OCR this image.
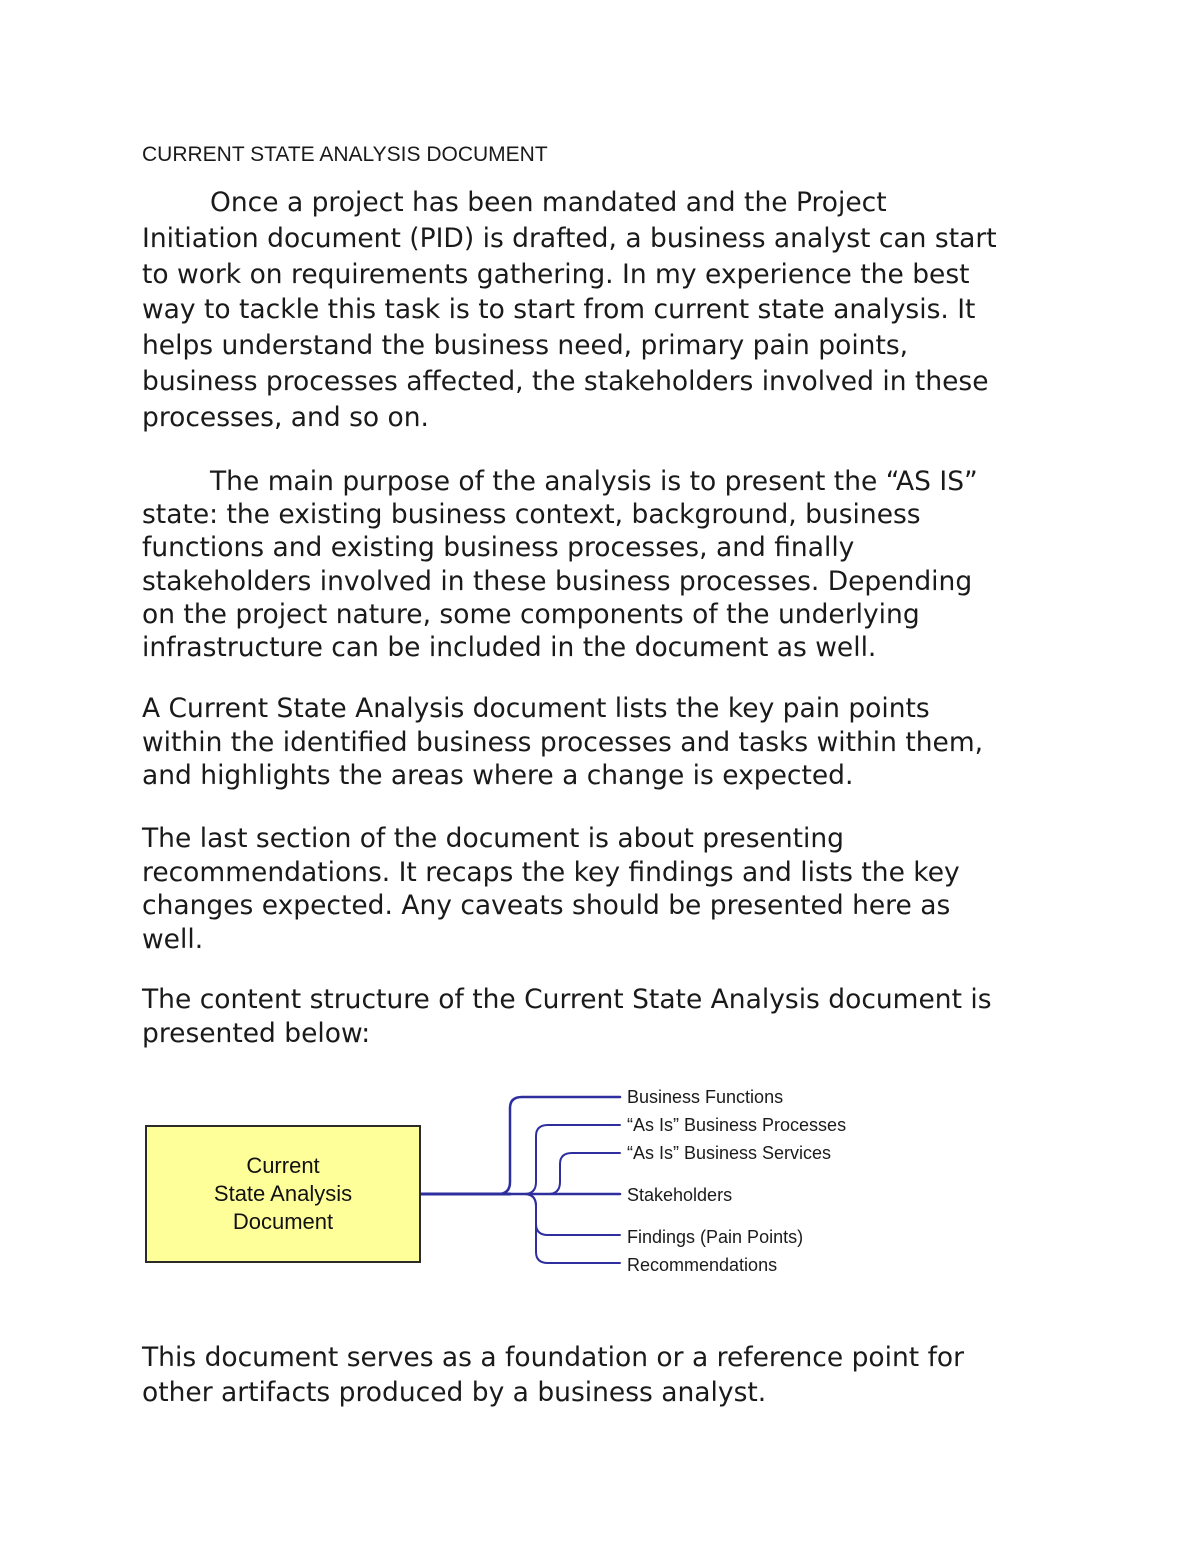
CURRENT STATE ANALYSIS DOCUMENT

Once a project has been mandated and the Project
Initiation document (PID) is drafted, a business analyst can start
to work on requirements gathering. In my experience the best
way to tackle this task is to start from current state analysis. It
helps understand the business need, primary pain points,
business processes affected, the stakeholders involved in these
processes, and so on.

The main purpose of the analysis is to present the “AS IS”
state: the existing business context, background, business
functions and existing business processes, and finally
stakeholders involved in these business processes. Depending
on the project nature, some components of the underlying
infrastructure can be included in the document as well.

A Current State Analysis document lists the key pain points
within the identified business processes and tasks within them,
and highlights the areas where a change is expected.

The last section of the document is about presenting
recommendations. It recaps the key findings and lists the key
changes expected. Any caveats should be presented here as
well.

The content structure of the Current State Analysis document is
presented below:

Current
State Analysis
Document
Business Functions
“As Is” Business Processes
“As Is” Business Services
Stakeholders
Findings (Pain Points)
Recommendations

This document serves as a foundation or a reference point for
other artifacts produced by a business analyst.
